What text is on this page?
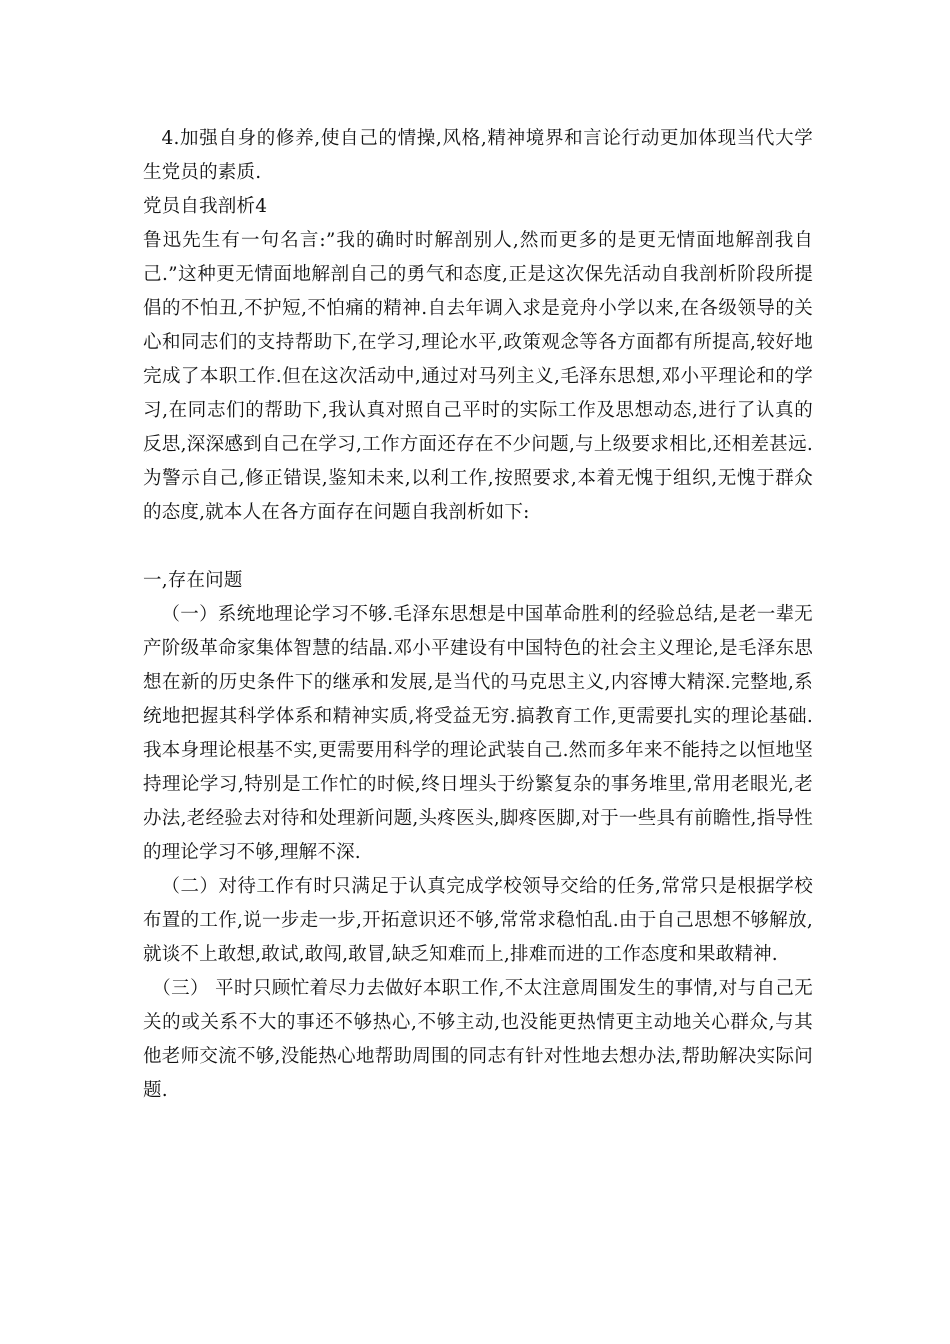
4.加强自身的修养,使自己的情操,风格,精神境界和言论行动更加体现当代大学生党员的素质.

党员自我剖析4

鲁迅先生有一句名言:”我的确时时解剖别人,然而更多的是更无情面地解剖我自己.”这种更无情面地解剖自己的勇气和态度,正是这次保先活动自我剖析阶段所提倡的不怕丑,不护短,不怕痛的精神.自去年调入求是竞舟小学以来,在各级领导的关心和同志们的支持帮助下,在学习,理论水平,政策观念等各方面都有所提高,较好地完成了本职工作.但在这次活动中,通过对马列主义,毛泽东思想,邓小平理论和的学习,在同志们的帮助下,我认真对照自己平时的实际工作及思想动态,进行了认真的反思,深深感到自己在学习,工作方面还存在不少问题,与上级要求相比,还相差甚远.为警示自己,修正错误,鉴知未来,以利工作,按照要求,本着无愧于组织,无愧于群众的态度,就本人在各方面存在问题自我剖析如下:

一,存在问题

（一）系统地理论学习不够.毛泽东思想是中国革命胜利的经验总结,是老一辈无产阶级革命家集体智慧的结晶.邓小平建设有中国特色的社会主义理论,是毛泽东思想在新的历史条件下的继承和发展,是当代的马克思主义,内容博大精深.完整地,系统地把握其科学体系和精神实质,将受益无穷.搞教育工作,更需要扎实的理论基础.我本身理论根基不实,更需要用科学的理论武装自己.然而多年来不能持之以恒地坚持理论学习,特别是工作忙的时候,终日埋头于纷繁复杂的事务堆里,常用老眼光,老办法,老经验去对待和处理新问题,头疼医头,脚疼医脚,对于一些具有前瞻性,指导性的理论学习不够,理解不深.

（二）对待工作有时只满足于认真完成学校领导交给的任务,常常只是根据学校布置的工作,说一步走一步,开拓意识还不够,常常求稳怕乱.由于自己思想不够解放,就谈不上敢想,敢试,敢闯,敢冒,缺乏知难而上,排难而进的工作态度和果敢精神.

（三） 平时只顾忙着尽力去做好本职工作,不太注意周围发生的事情,对与自己无关的或关系不大的事还不够热心,不够主动,也没能更热情更主动地关心群众,与其他老师交流不够,没能热心地帮助周围的同志有针对性地去想办法,帮助解决实际问题.
